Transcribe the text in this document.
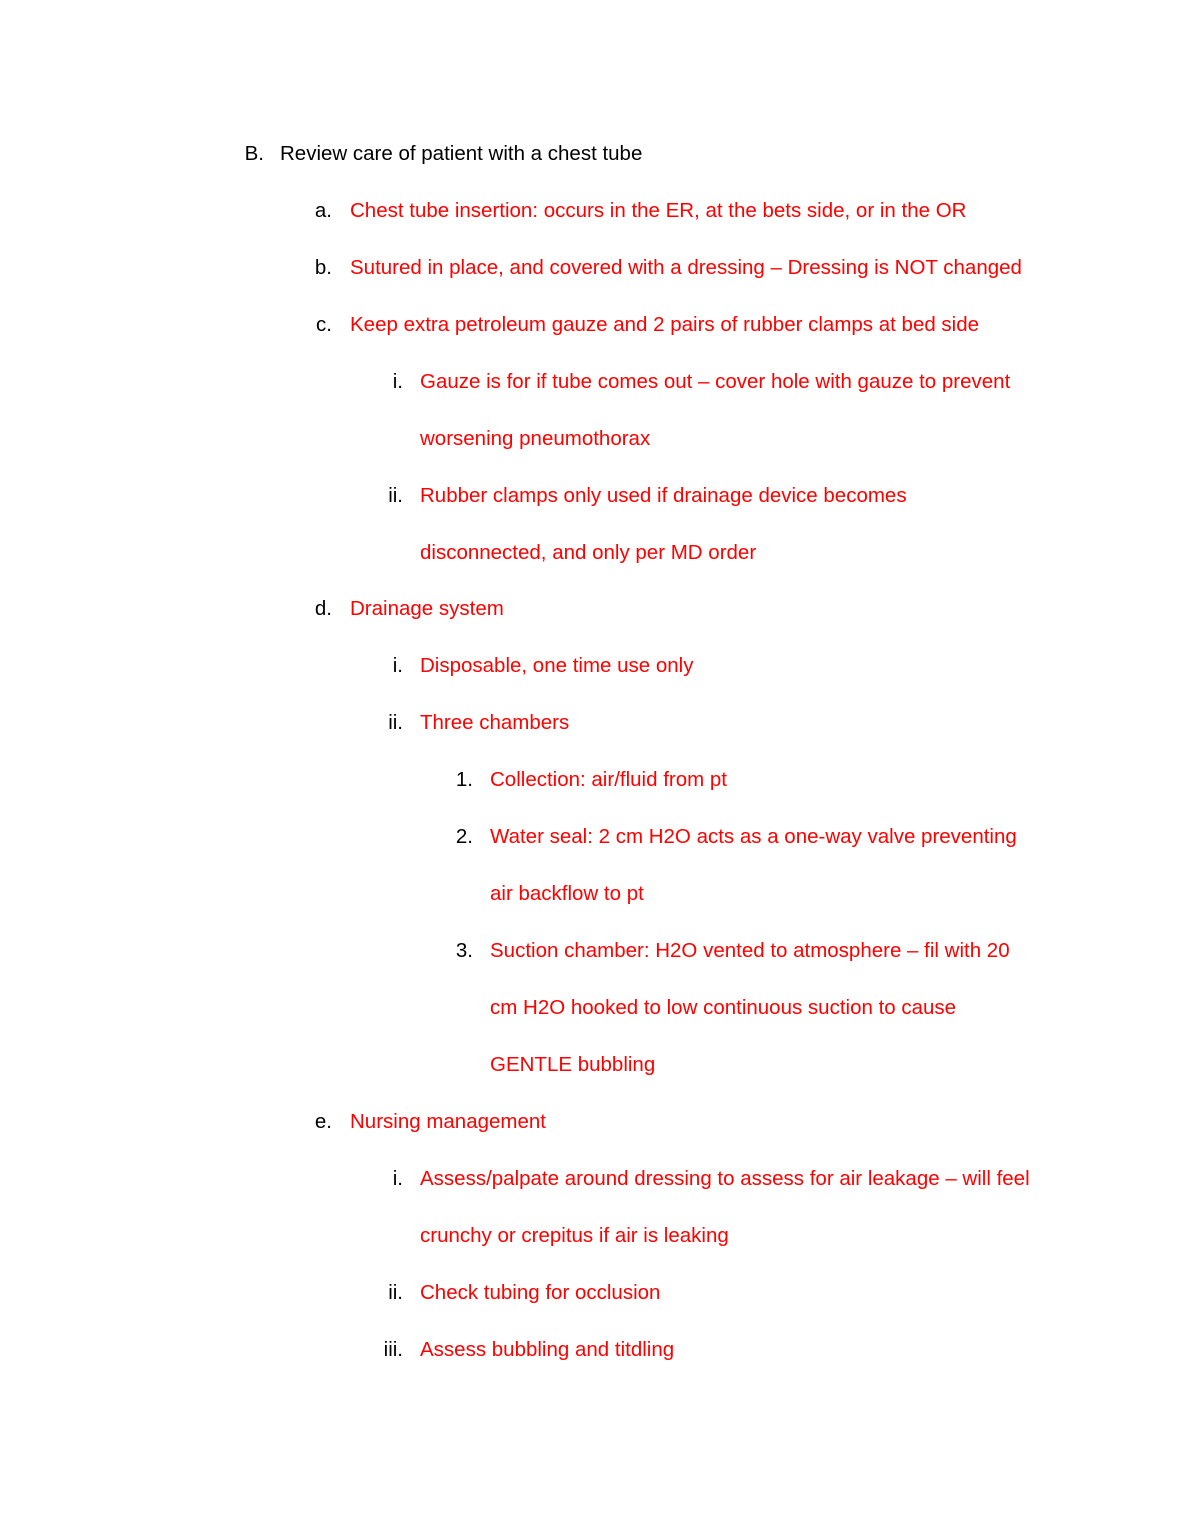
B. Review care of patient with a chest tube
a. Chest tube insertion: occurs in the ER, at the bets side, or in the OR
b. Sutured in place, and covered with a dressing – Dressing is NOT changed
c. Keep extra petroleum gauze and 2 pairs of rubber clamps at bed side
i. Gauze is for if tube comes out – cover hole with gauze to prevent
worsening pneumothorax
ii. Rubber clamps only used if drainage device becomes
disconnected, and only per MD order
d. Drainage system
i. Disposable, one time use only
ii. Three chambers
1. Collection: air/fluid from pt
2. Water seal: 2 cm H2O acts as a one-way valve preventing
air backflow to pt
3. Suction chamber: H2O vented to atmosphere – fil with 20
cm H2O hooked to low continuous suction to cause
GENTLE bubbling
e. Nursing management
i. Assess/palpate around dressing to assess for air leakage – will feel
crunchy or crepitus if air is leaking
ii. Check tubing for occlusion
iii. Assess bubbling and titdling
